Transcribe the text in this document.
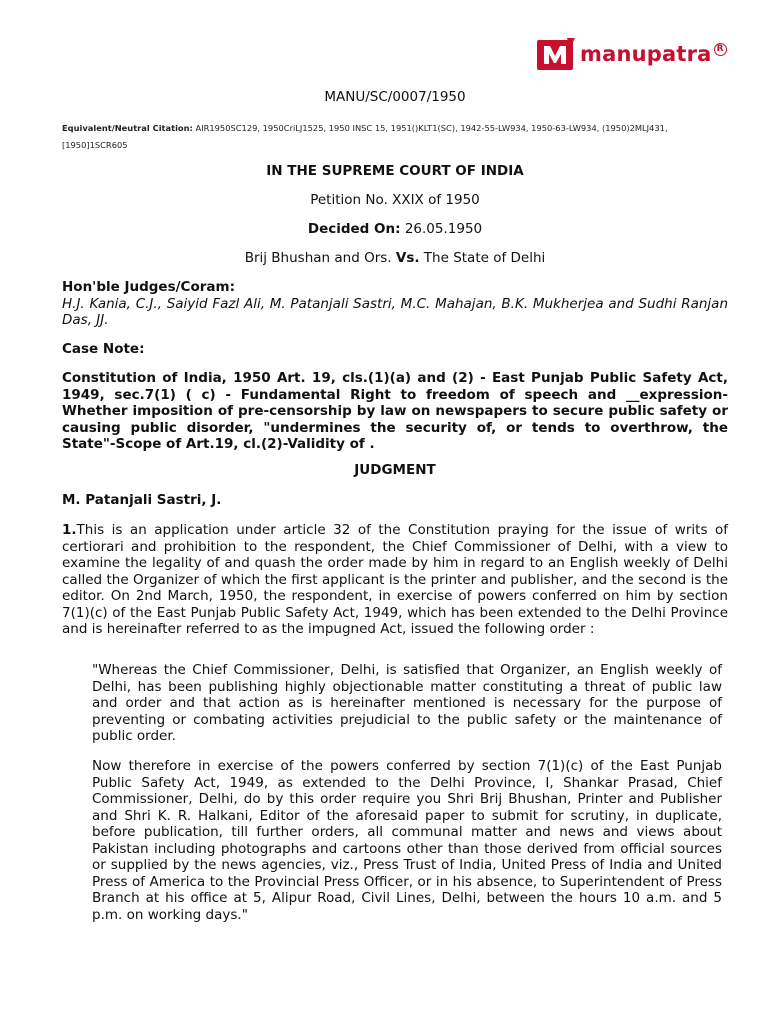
manupatra R
MANU/SC/0007/1950
Equivalent/Neutral Citation: AIR1950SC129, 1950CriLJ1525, 1950 INSC 15, 1951()KLT1(SC), 1942-55-LW934, 1950-63-LW934, (1950)2MLJ431, [1950]1SCR605
IN THE SUPREME COURT OF INDIA
Petition No. XXIX of 1950
Decided On: 26.05.1950
Brij Bhushan and Ors. Vs. The State of Delhi
Hon'ble Judges/Coram:
H.J. Kania, C.J., Saiyid Fazl Ali, M. Patanjali Sastri, M.C. Mahajan, B.K. Mukherjea and Sudhi Ranjan Das, JJ.
Case Note:
Constitution of India, 1950 Art. 19, cls.(1)(a) and (2) - East Punjab Public Safety Act, 1949, sec.7(1) ( c) - Fundamental Right to freedom of speech and __expression- Whether imposition of pre-censorship by law on newspapers to secure public safety or causing public disorder, "undermines the security of, or tends to overthrow, the State"-Scope of Art.19, cl.(2)-Validity of .
JUDGMENT
M. Patanjali Sastri, J.
1.This is an application under article 32 of the Constitution praying for the issue of writs of certiorari and prohibition to the respondent, the Chief Commissioner of Delhi, with a view to examine the legality of and quash the order made by him in regard to an English weekly of Delhi called the Organizer of which the first applicant is the printer and publisher, and the second is the editor. On 2nd March, 1950, the respondent, in exercise of powers conferred on him by section 7(1)(c) of the East Punjab Public Safety Act, 1949, which has been extended to the Delhi Province and is hereinafter referred to as the impugned Act, issued the following order :
"Whereas the Chief Commissioner, Delhi, is satisfied that Organizer, an English weekly of Delhi, has been publishing highly objectionable matter constituting a threat of public law and order and that action as is hereinafter mentioned is necessary for the purpose of preventing or combating activities prejudicial to the public safety or the maintenance of public order.
Now therefore in exercise of the powers conferred by section 7(1)(c) of the East Punjab Public Safety Act, 1949, as extended to the Delhi Province, I, Shankar Prasad, Chief Commissioner, Delhi, do by this order require you Shri Brij Bhushan, Printer and Publisher and Shri K. R. Halkani, Editor of the aforesaid paper to submit for scrutiny, in duplicate, before publication, till further orders, all communal matter and news and views about Pakistan including photographs and cartoons other than those derived from official sources or supplied by the news agencies, viz., Press Trust of India, United Press of India and United Press of America to the Provincial Press Officer, or in his absence, to Superintendent of Press Branch at his office at 5, Alipur Road, Civil Lines, Delhi, between the hours 10 a.m. and 5 p.m. on working days."
